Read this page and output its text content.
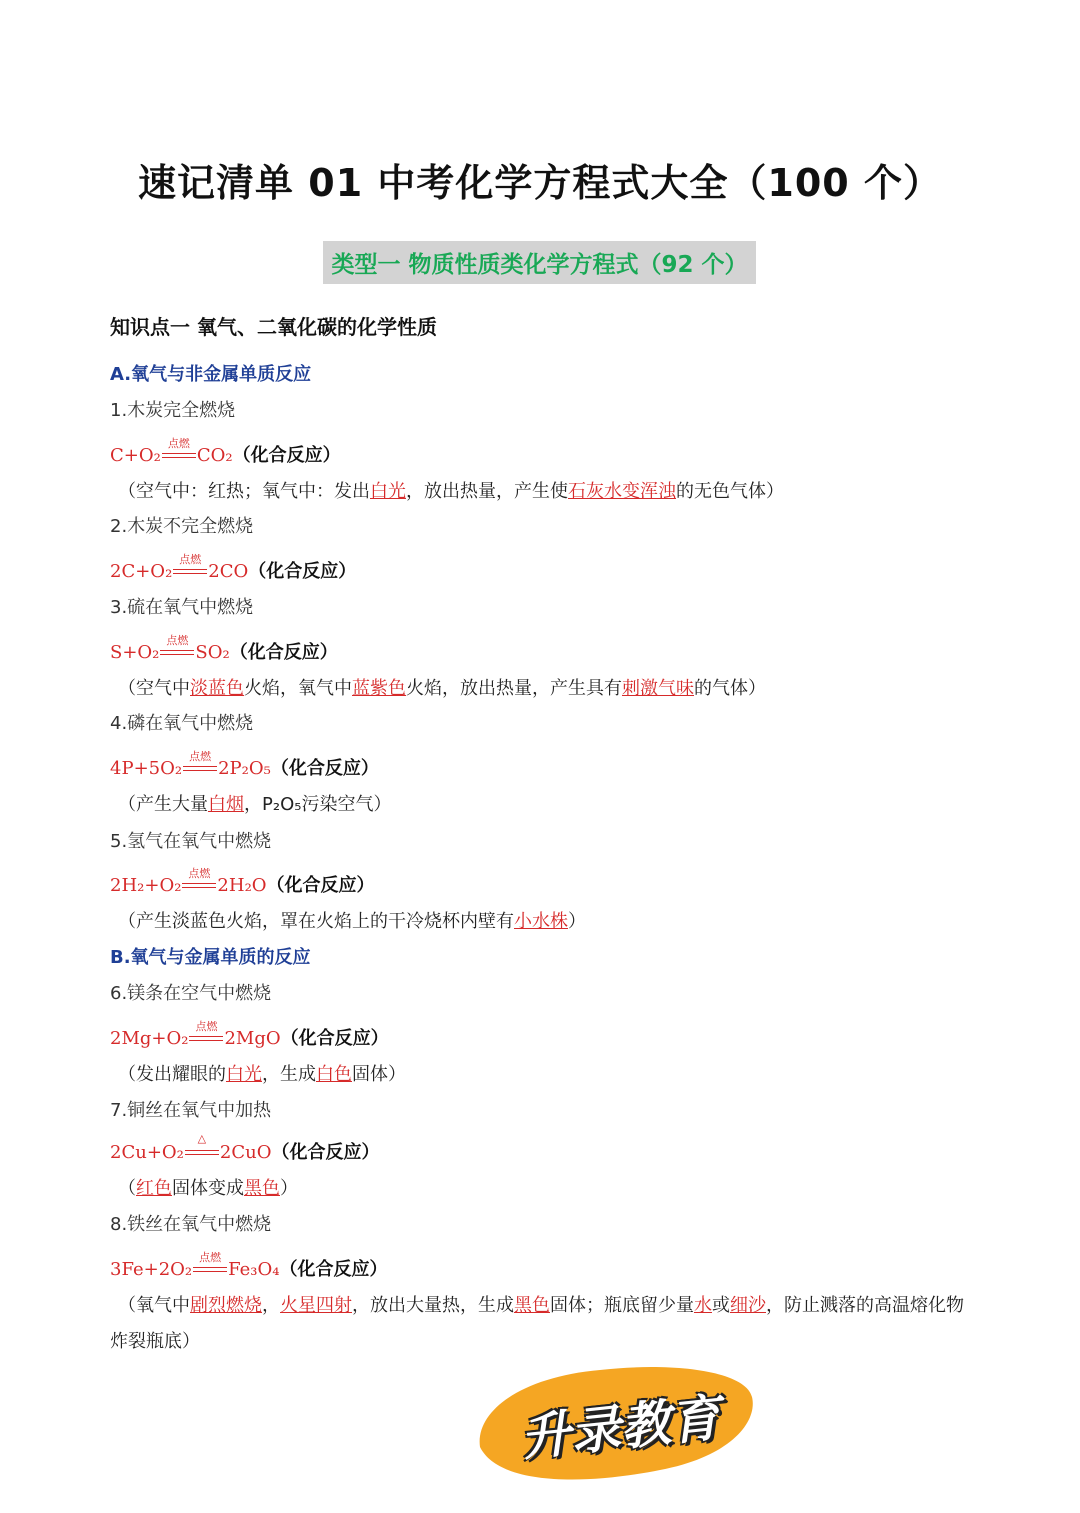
速记清单 01 中考化学方程式大全（100 个）
类型一 物质性质类化学方程式（92 个）
知识点一 氧气、二氧化碳的化学性质
A.氧气与非金属单质反应
1.木炭完全燃烧
C+O₂
点燃
CO₂（化合反应）
（空气中：红热；氧气中：发出白光，放出热量，产生使石灰水变浑浊的无色气体）
2.木炭不完全燃烧
2C+O₂
点燃
2CO（化合反应）
3.硫在氧气中燃烧
S+O₂
点燃
SO₂（化合反应）
（空气中淡蓝色火焰，氧气中蓝紫色火焰，放出热量，产生具有刺激气味的气体）
4.磷在氧气中燃烧
4P+5O₂
点燃
2P₂O₅（化合反应）
（产生大量白烟，P₂O₅污染空气）
5.氢气在氧气中燃烧
2H₂+O₂
点燃
2H₂O（化合反应）
（产生淡蓝色火焰，罩在火焰上的干冷烧杯内壁有小水株）
6.镁条在空气中燃烧
2Mg+O₂
点燃
2MgO（化合反应）
（发出耀眼的白光，生成白色固体）
7.铜丝在氧气中加热
2Cu+O₂
△
2CuO（化合反应）
（红色固体变成黑色）
8.铁丝在氧气中燃烧
3Fe+2O₂
点燃
Fe₃O₄（化合反应）
（氧气中剧烈燃烧，火星四射，放出大量热，生成黑色固体；瓶底留少量水或细沙，防止溅落的高温熔化物
B.氧气与金属单质的反应
炸裂瓶底）
升录教育
